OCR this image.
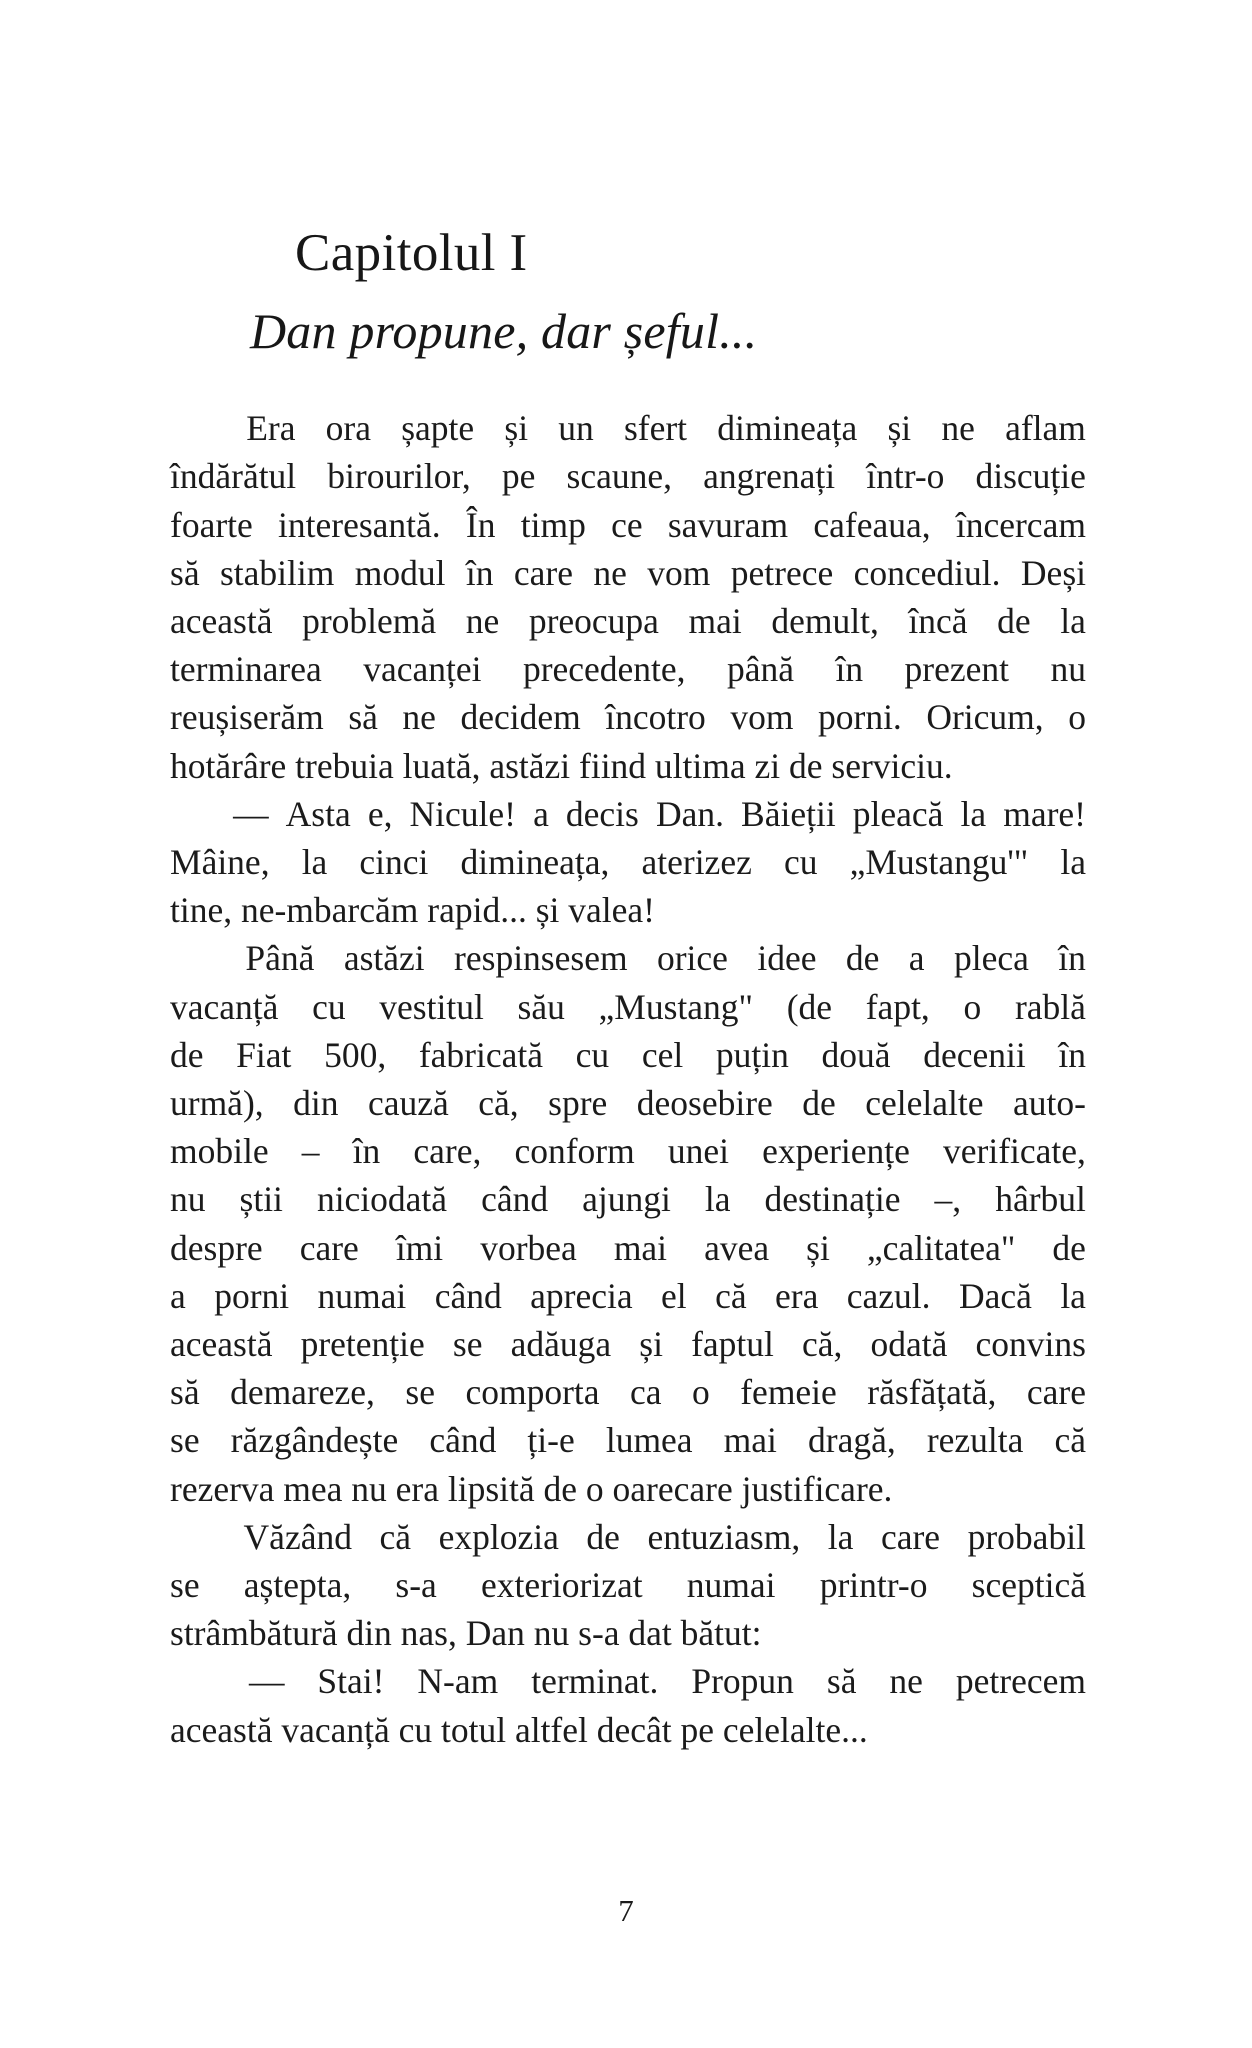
Capitolul I
Dan propune, dar șeful...

Era ora șapte și un sfert dimineața și ne aflam
îndărătul birourilor, pe scaune, angrenați într-o discuție
foarte interesantă. În timp ce savuram cafeaua, încercam
să stabilim modul în care ne vom petrece concediul. Deși
această problemă ne preocupa mai demult, încă de la
terminarea vacanței precedente, până în prezent nu
reușiserăm să ne decidem încotro vom porni. Oricum, o
hotărâre trebuia luată, astăzi fiind ultima zi de serviciu.

— Asta e, Nicule! a decis Dan. Băieții pleacă la mare!
Mâine, la cinci dimineața, aterizez cu „Mustangu'" la
tine, ne-mbarcăm rapid... și valea!

Până astăzi respinsesem orice idee de a pleca în
vacanță cu vestitul său „Mustang" (de fapt, o rablă
de Fiat 500, fabricată cu cel puțin două decenii în
urmă), din cauză că, spre deosebire de celelalte auto-
mobile – în care, conform unei experiențe verificate,
nu știi niciodată când ajungi la destinație –, hârbul
despre care îmi vorbea mai avea și „calitatea" de
a porni numai când aprecia el că era cazul. Dacă la
această pretenție se adăuga și faptul că, odată convins
să demareze, se comporta ca o femeie răsfățată, care
se răzgândește când ți-e lumea mai dragă, rezulta că
rezerva mea nu era lipsită de o oarecare justificare.

Văzând că explozia de entuziasm, la care probabil
se aștepta, s-a exteriorizat numai printr-o sceptică
strâmbătură din nas, Dan nu s-a dat bătut:

— Stai! N-am terminat. Propun să ne petrecem
această vacanță cu totul altfel decât pe celelalte...

7
